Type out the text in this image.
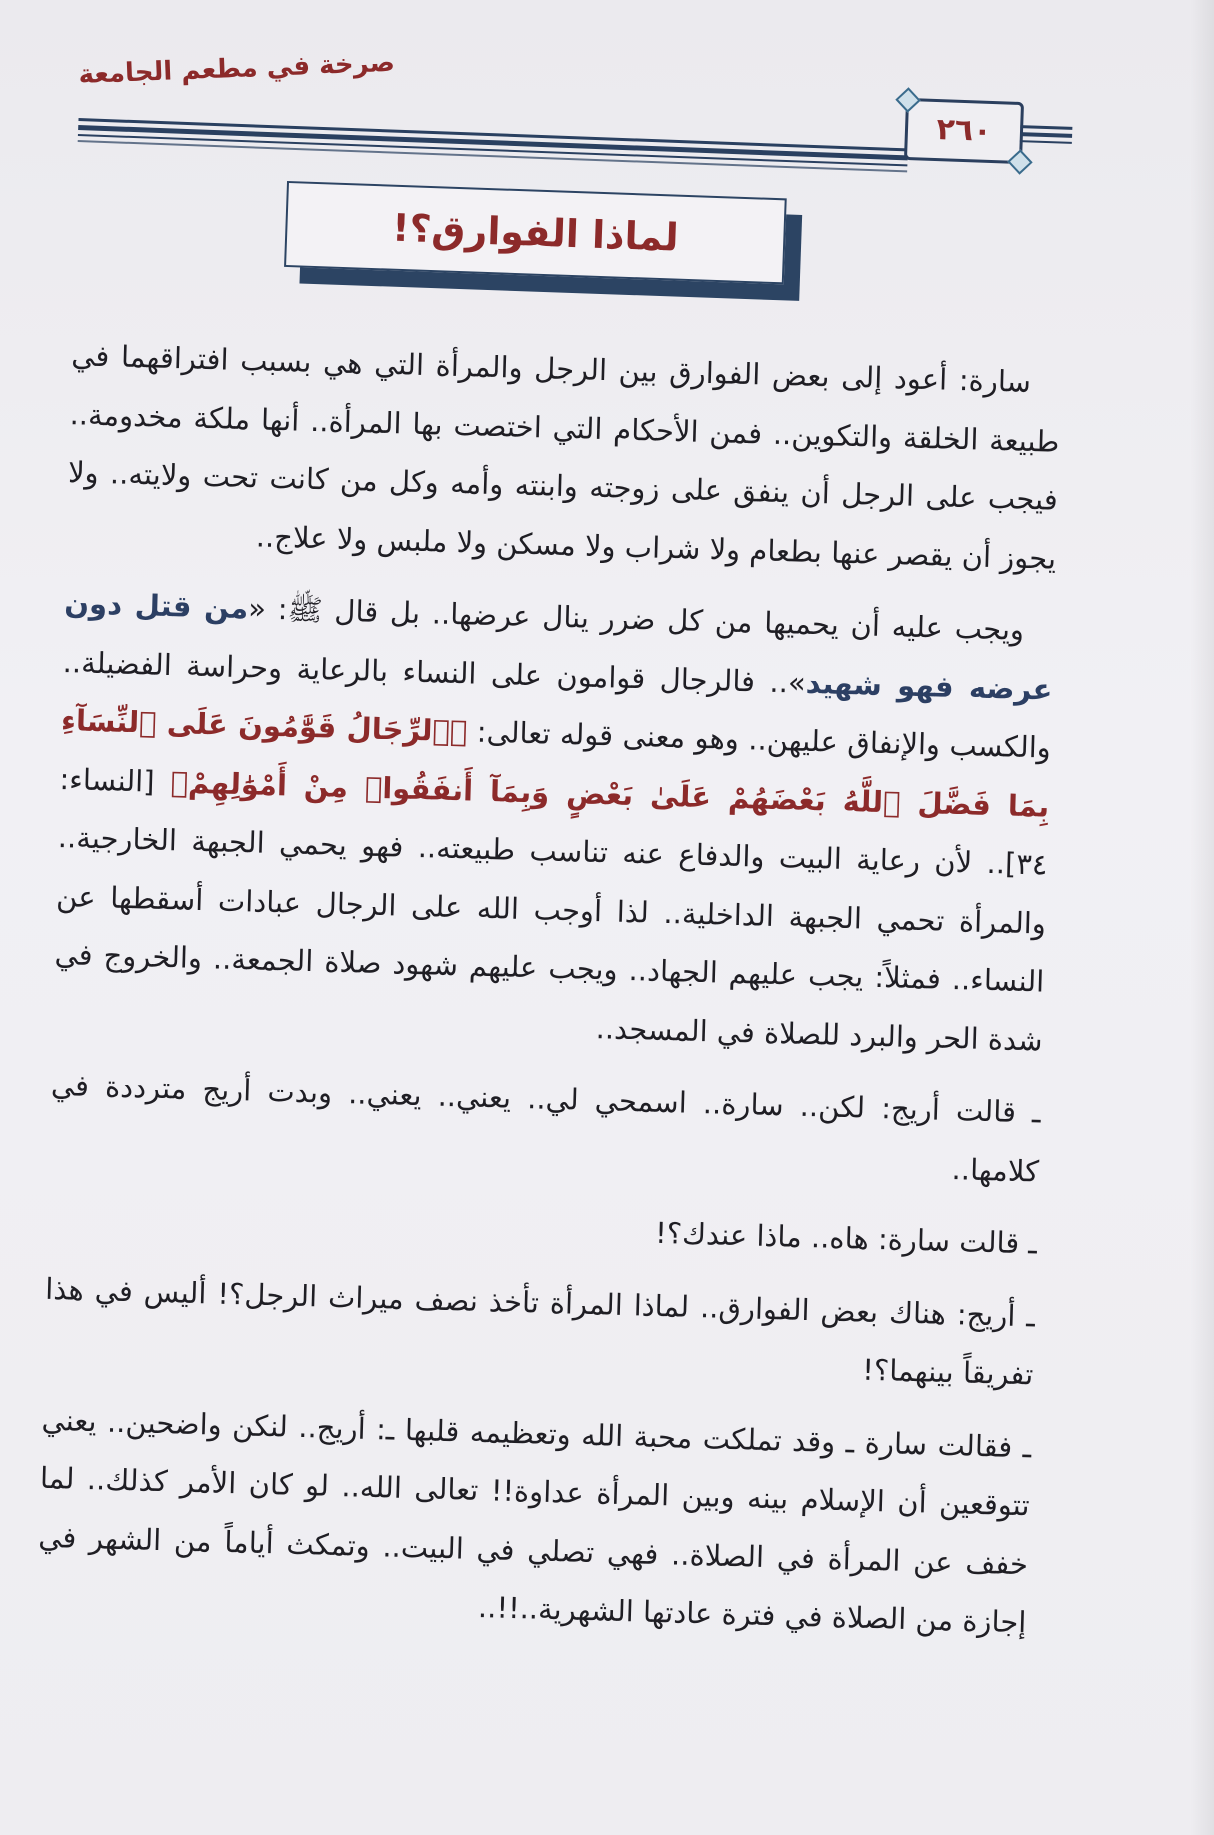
صرخة في مطعم الجامعة
٢٦٠
لماذا الفوارق؟!

سارة: أعود إلى بعض الفوارق بين الرجل والمرأة التي هي بسبب افتراقهما في طبيعة الخلقة والتكوين.. فمن الأحكام التي اختصت بها المرأة.. أنها ملكة مخدومة.. فيجب على الرجل أن ينفق على زوجته وابنته وأمه وكل من كانت تحت ولايته.. ولا يجوز أن يقصر عنها بطعام ولا شراب ولا مسكن ولا ملبس ولا علاج..

ويجب عليه أن يحميها من كل ضرر ينال عرضها.. بل قال ﷺ: «من قتل دون عرضه فهو شهيد».. فالرجال قوامون على النساء بالرعاية وحراسة الفضيلة.. والكسب والإنفاق عليهن.. وهو معنى قوله تعالى: ﴿ٱلرِّجَالُ قَوَّٰمُونَ عَلَى ٱلنِّسَآءِ بِمَا فَضَّلَ ٱللَّهُ بَعْضَهُمْ عَلَىٰ بَعْضٍ وَبِمَآ أَنفَقُوا۟ مِنْ أَمْوَٰلِهِمْ﴾ [النساء: ٣٤].. لأن رعاية البيت والدفاع عنه تناسب طبيعته.. فهو يحمي الجبهة الخارجية.. والمرأة تحمي الجبهة الداخلية.. لذا أوجب الله على الرجال عبادات أسقطها عن النساء.. فمثلاً: يجب عليهم الجهاد.. ويجب عليهم شهود صلاة الجمعة.. والخروج في شدة الحر والبرد للصلاة في المسجد..

ـ قالت أريج: لكن.. سارة.. اسمحي لي.. يعني.. يعني.. وبدت أريج مترددة في كلامها..

ـ قالت سارة: هاه.. ماذا عندك؟!

ـ أريج: هناك بعض الفوارق.. لماذا المرأة تأخذ نصف ميراث الرجل؟! أليس في هذا تفريقاً بينهما؟!

ـ فقالت سارة ـ وقد تملكت محبة الله وتعظيمه قلبها ـ: أريج.. لنكن واضحين.. يعني تتوقعين أن الإسلام بينه وبين المرأة عداوة!! تعالى الله.. لو كان الأمر كذلك.. لما خفف عن المرأة في الصلاة.. فهي تصلي في البيت.. وتمكث أياماً من الشهر في إجازة من الصلاة في فترة عادتها الشهرية..!!..
